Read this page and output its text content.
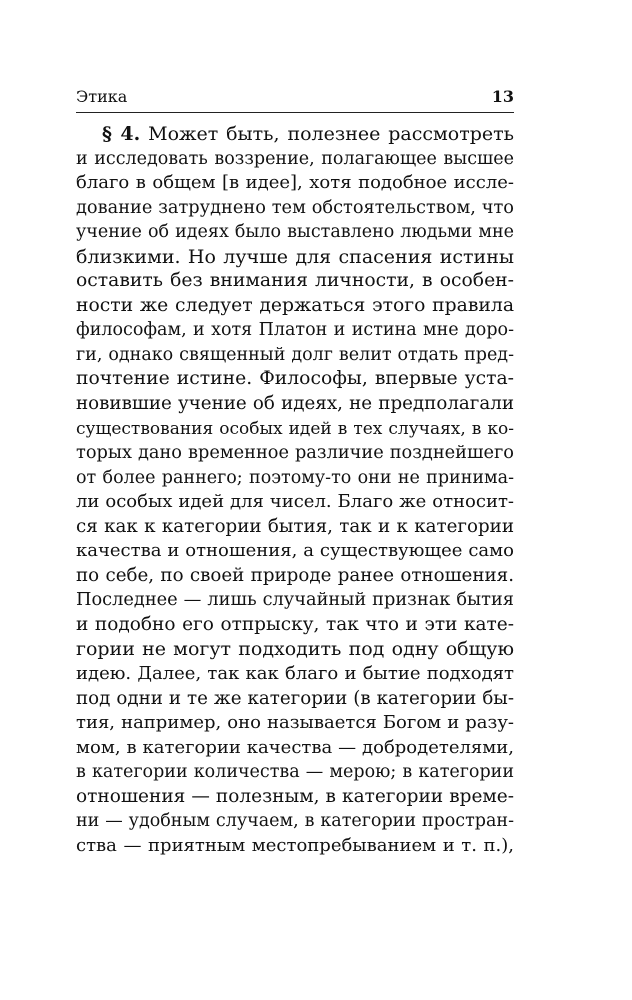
Этика	13
§ 4. Может быть, полезнее рассмотреть
и исследовать воззрение, полагающее высшее
благо в общем [в идее], хотя подобное иссле-
дование затруднено тем обстоятельством, что
учение об идеях было выставлено людьми мне
близкими. Но лучше для спасения истины
оставить без внимания личности, в особен-
ности же следует держаться этого правила
философам, и хотя Платон и истина мне доро-
ги, однако священный долг велит отдать пред-
почтение истине. Философы, впервые уста-
новившие учение об идеях, не предполагали
существования особых идей в тех случаях, в ко-
торых дано временное различие позднейшего
от более раннего; поэтому-то они не принима-
ли особых идей для чисел. Благо же относит-
ся как к категории бытия, так и к категории
качества и отношения, а существующее само
по себе, по своей природе ранее отношения.
Последнее — лишь случайный признак бытия
и подобно его отпрыску, так что и эти кате-
гории не могут подходить под одну общую
идею. Далее, так как благо и бытие подходят
под одни и те же категории (в категории бы-
тия, например, оно называется Богом и разу-
мом, в категории качества — добродетелями,
в категории количества — мерою; в категории
отношения — полезным, в категории време-
ни — удобным случаем, в категории простран-
ства — приятным местопребыванием и т. п.),
